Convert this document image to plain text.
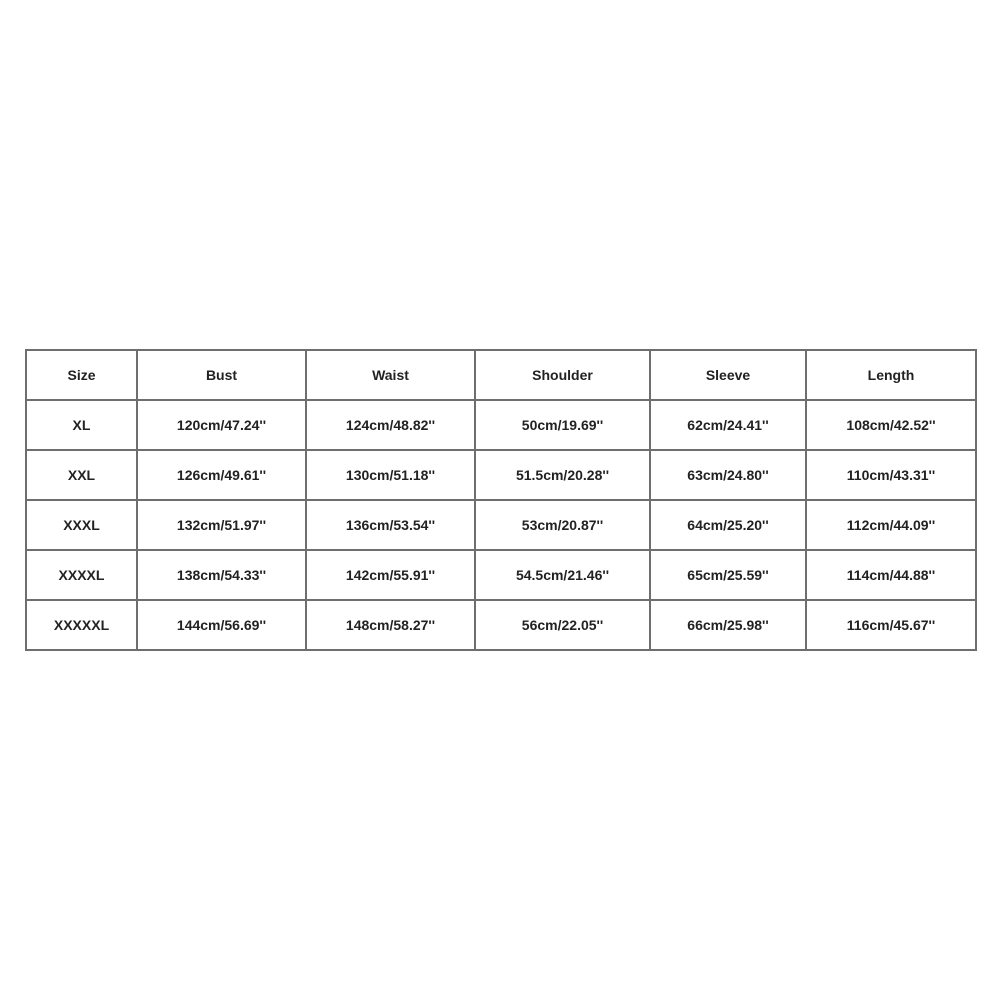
Size	Bust	Waist	Shoulder	Sleeve	Length
XL	120cm/47.24''	124cm/48.82''	50cm/19.69''	62cm/24.41''	108cm/42.52''
XXL	126cm/49.61''	130cm/51.18''	51.5cm/20.28''	63cm/24.80''	110cm/43.31''
XXXL	132cm/51.97''	136cm/53.54''	53cm/20.87''	64cm/25.20''	112cm/44.09''
XXXXL	138cm/54.33''	142cm/55.91''	54.5cm/21.46''	65cm/25.59''	114cm/44.88''
XXXXXL	144cm/56.69''	148cm/58.27''	56cm/22.05''	66cm/25.98''	116cm/45.67''
